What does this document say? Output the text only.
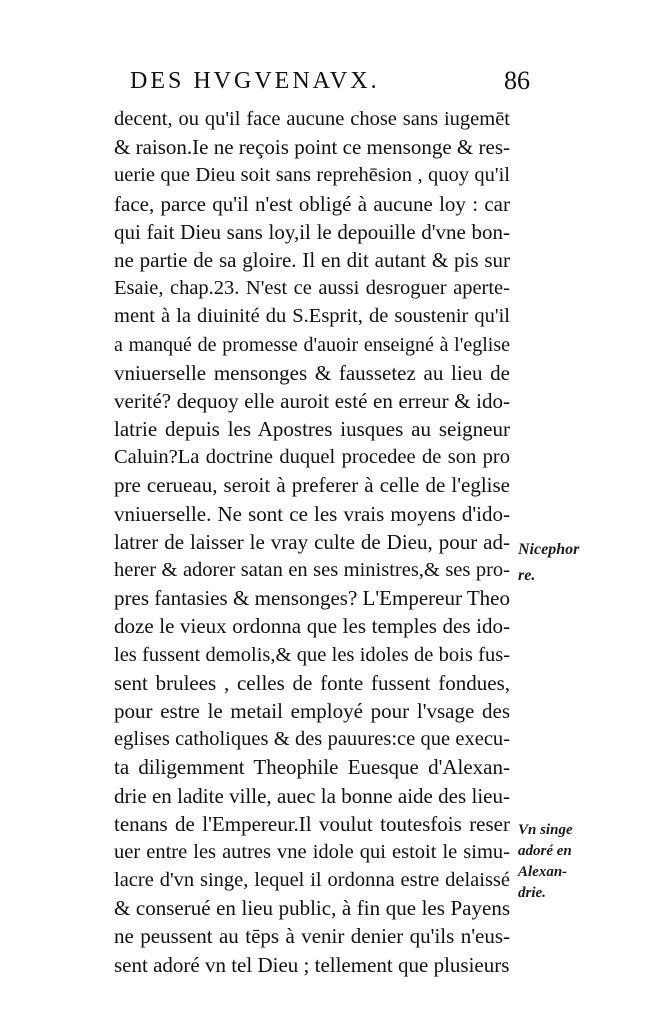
DES HVGVENAVX.	86
decent, ou qu'il face aucune chose sans iugemēt
& raison.Ie ne reçois point ce mensonge & res-
uerie que Dieu soit sans reprehēsion , quoy qu'il
face, parce qu'il n'est obligé à aucune loy : car
qui fait Dieu sans loy,il le depouille d'vne bon-
ne partie de sa gloire. Il en dit autant & pis sur
Esaie, chap.23. N'est ce aussi desroguer aperte-
ment à la diuinité du S.Esprit, de soustenir qu'il
a manqué de promesse d'auoir enseigné à l'eglise
vniuerselle mensonges & faussetez au lieu de
verité? dequoy elle auroit esté en erreur & ido-
latrie depuis les Apostres iusques au seigneur
Caluin?La doctrine duquel procedee de son pro
pre cerueau, seroit à preferer à celle de l'eglise
vniuerselle. Ne sont ce les vrais moyens d'ido-
latrer de laisser le vray culte de Dieu, pour ad-
herer & adorer satan en ses ministres,& ses pro-
pres fantasies & mensonges? L'Empereur Theo
doze le vieux ordonna que les temples des ido-
les fussent demolis,& que les idoles de bois fus-
sent brulees , celles de fonte fussent fondues,
pour estre le metail employé pour l'vsage des
eglises catholiques & des pauures:ce que execu-
ta diligemment Theophile Euesque d'Alexan-
drie en ladite ville, auec la bonne aide des lieu-
tenans de l'Empereur.Il voulut toutesfois reser
uer entre les autres vne idole qui estoit le simu-
lacre d'vn singe, lequel il ordonna estre delaissé
& conserué en lieu public, à fin que les Payens
ne peussent au tēps à venir denier qu'ils n'eus-
sent adoré vn tel Dieu ; tellement que plusieurs
Nicephor
re.
Vn singe
adoré en
Alexan-
drie.
